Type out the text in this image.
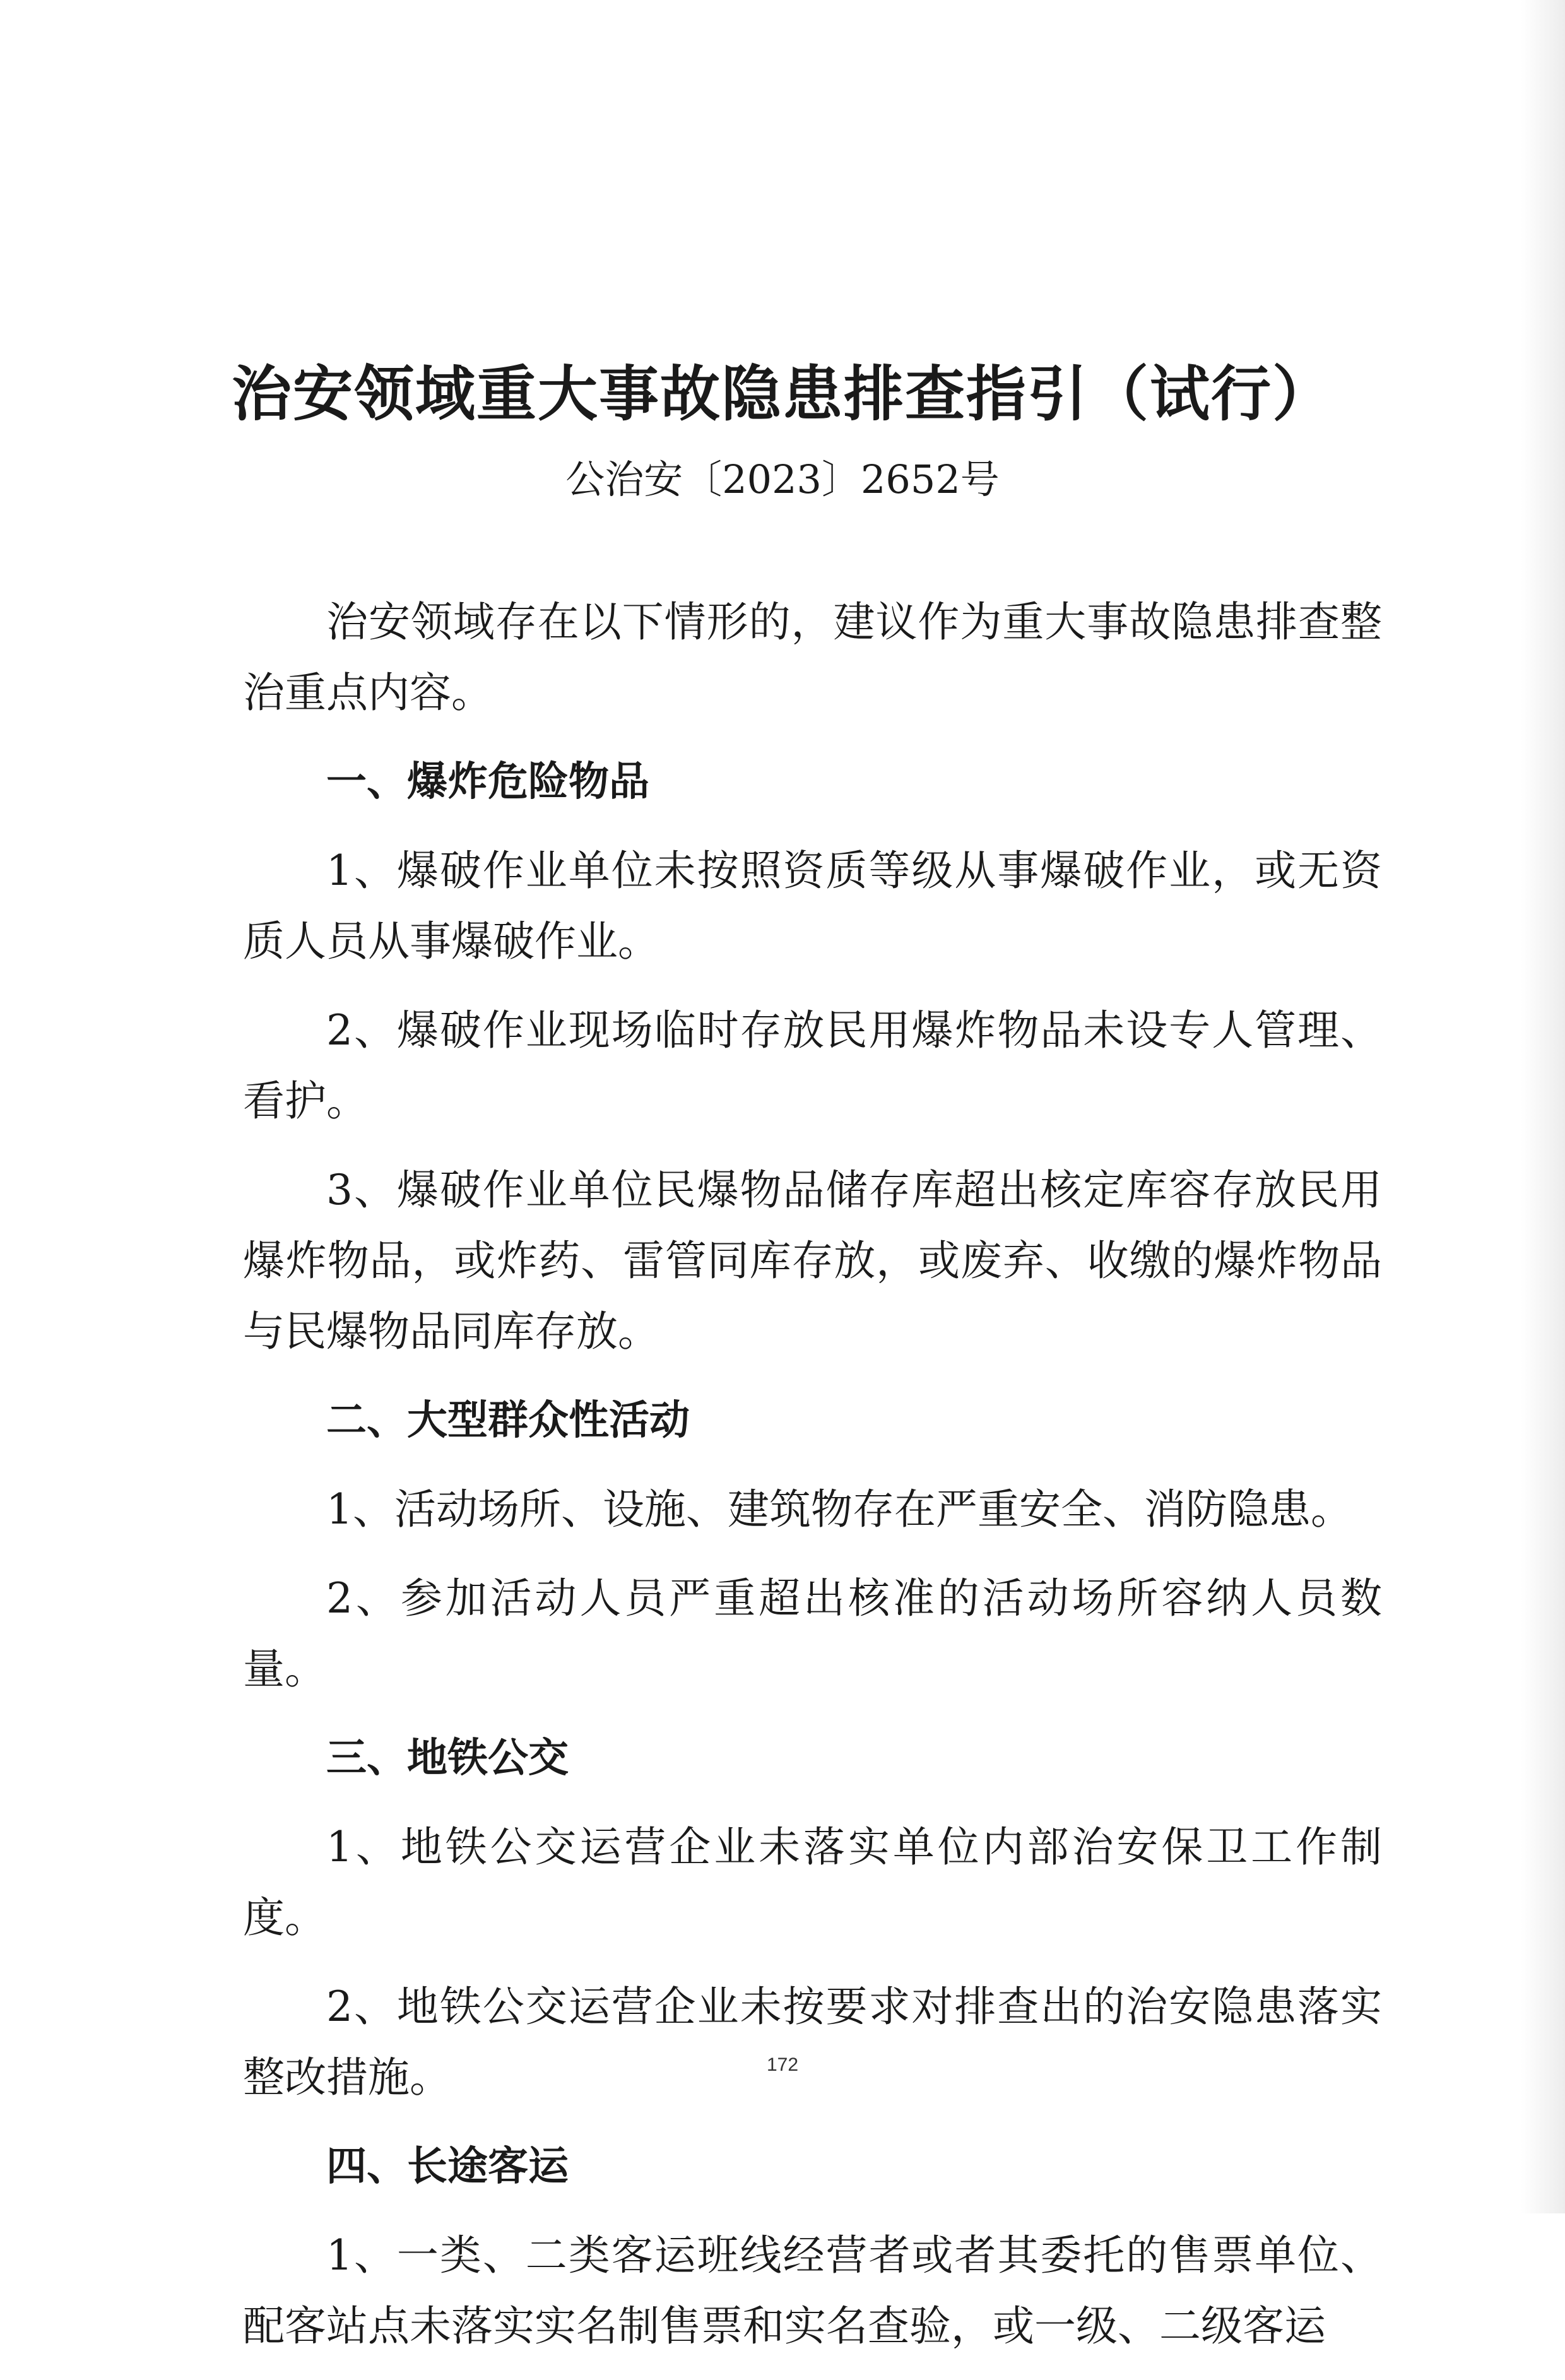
治安领域重大事故隐患排查指引（试行）
公治安〔2023〕2652号

治安领域存在以下情形的，建议作为重大事故隐患排查整治重点内容。

一、爆炸危险物品

1、爆破作业单位未按照资质等级从事爆破作业，或无资质人员从事爆破作业。

2、爆破作业现场临时存放民用爆炸物品未设专人管理、看护。

3、爆破作业单位民爆物品储存库超出核定库容存放民用爆炸物品，或炸药、雷管同库存放，或废弃、收缴的爆炸物品与民爆物品同库存放。

二、大型群众性活动

1、活动场所、设施、建筑物存在严重安全、消防隐患。

2、参加活动人员严重超出核准的活动场所容纳人员数量。

三、地铁公交

1、地铁公交运营企业未落实单位内部治安保卫工作制度。

2、地铁公交运营企业未按要求对排查出的治安隐患落实整改措施。

四、长途客运

1、一类、二类客运班线经营者或者其委托的售票单位、配客站点未落实实名制售票和实名查验，或一级、二级客运

172
